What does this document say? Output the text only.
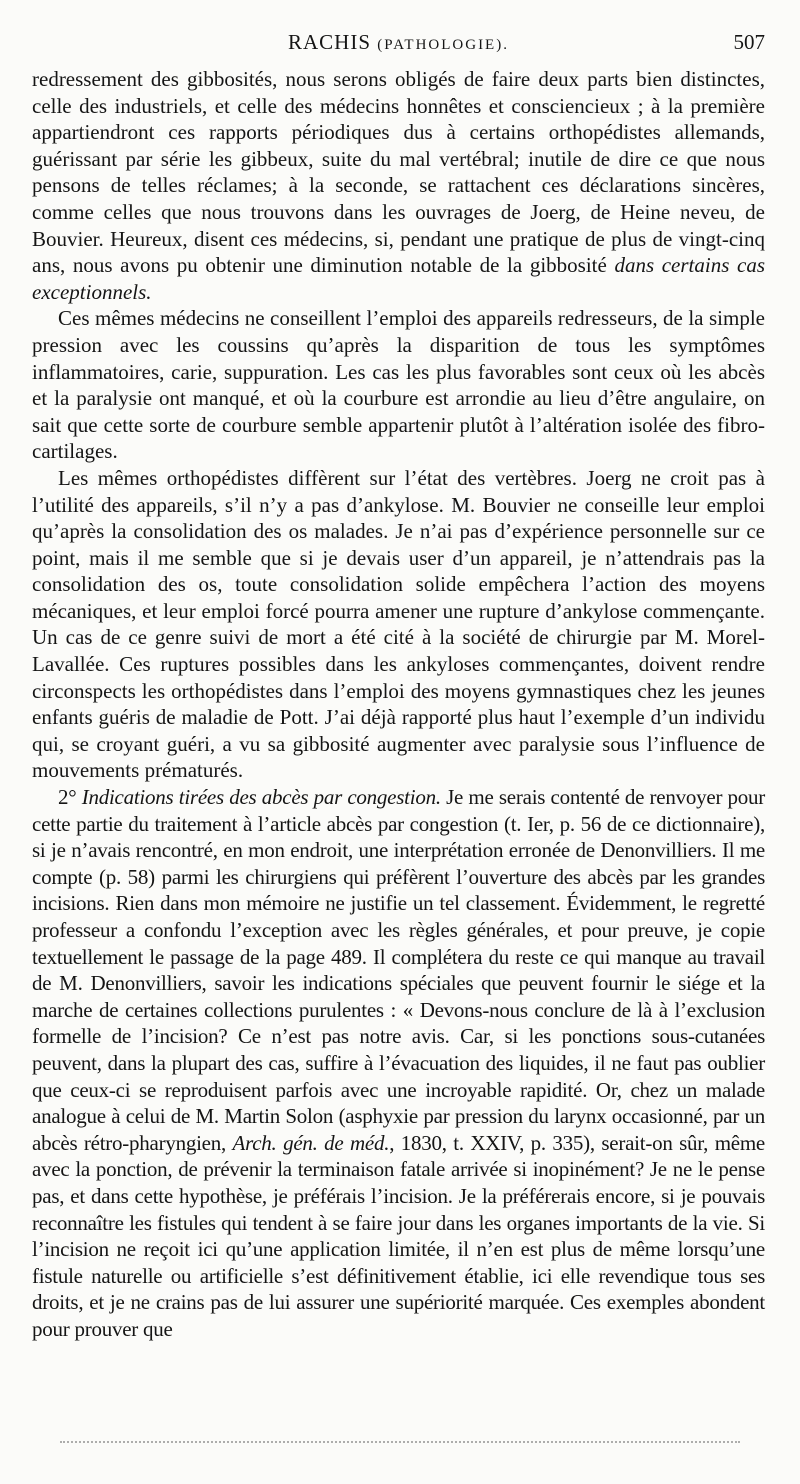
RACHIS (PATHOLOGIE).	507

redressement des gibbosités, nous serons obligés de faire deux parts bien distinctes, celle des industriels, et celle des médecins honnêtes et consciencieux ; à la première appartiendront ces rapports périodiques dus à certains orthopédistes allemands, guérissant par série les gibbeux, suite du mal vertébral; inutile de dire ce que nous pensons de telles réclames; à la seconde, se rattachent ces déclarations sincères, comme celles que nous trouvons dans les ouvrages de Joerg, de Heine neveu, de Bouvier. Heureux, disent ces médecins, si, pendant une pratique de plus de vingt-cinq ans, nous avons pu obtenir une diminution notable de la gibbosité dans certains cas exceptionnels.

Ces mêmes médecins ne conseillent l’emploi des appareils redresseurs, de la simple pression avec les coussins qu’après la disparition de tous les symptômes inflammatoires, carie, suppuration. Les cas les plus favorables sont ceux où les abcès et la paralysie ont manqué, et où la courbure est arrondie au lieu d’être angulaire, on sait que cette sorte de courbure semble appartenir plutôt à l’altération isolée des fibro-cartilages.

Les mêmes orthopédistes diffèrent sur l’état des vertèbres. Joerg ne croit pas à l’utilité des appareils, s’il n’y a pas d’ankylose. M. Bouvier ne conseille leur emploi qu’après la consolidation des os malades. Je n’ai pas d’expérience personnelle sur ce point, mais il me semble que si je devais user d’un appareil, je n’attendrais pas la consolidation des os, toute consolidation solide empêchera l’action des moyens mécaniques, et leur emploi forcé pourra amener une rupture d’ankylose commençante. Un cas de ce genre suivi de mort a été cité à la société de chirurgie par M. Morel-Lavallée. Ces ruptures possibles dans les ankyloses commençantes, doivent rendre circonspects les orthopédistes dans l’emploi des moyens gymnastiques chez les jeunes enfants guéris de maladie de Pott. J’ai déjà rapporté plus haut l’exemple d’un individu qui, se croyant guéri, a vu sa gibbosité augmenter avec paralysie sous l’influence de mouvements prématurés.

2° Indications tirées des abcès par congestion. Je me serais contenté de renvoyer pour cette partie du traitement à l’article abcès par congestion (t. Ier, p. 56 de ce dictionnaire), si je n’avais rencontré, en mon endroit, une interprétation erronée de Denonvilliers. Il me compte (p. 58) parmi les chirurgiens qui préfèrent l’ouverture des abcès par les grandes incisions. Rien dans mon mémoire ne justifie un tel classement. Évidemment, le regretté professeur a confondu l’exception avec les règles générales, et pour preuve, je copie textuellement le passage de la page 489. Il complétera du reste ce qui manque au travail de M. Denonvilliers, savoir les indications spéciales que peuvent fournir le siége et la marche de certaines collections purulentes : « Devons-nous conclure de là à l’exclusion formelle de l’incision? Ce n’est pas notre avis. Car, si les ponctions sous-cutanées peuvent, dans la plupart des cas, suffire à l’évacuation des liquides, il ne faut pas oublier que ceux-ci se reproduisent parfois avec une incroyable rapidité. Or, chez un malade analogue à celui de M. Martin Solon (asphyxie par pression du larynx occasionné, par un abcès rétro-pharyngien, Arch. gén. de méd., 1830, t. XXIV, p. 335), serait-on sûr, même avec la ponction, de prévenir la terminaison fatale arrivée si inopinément? Je ne le pense pas, et dans cette hypothèse, je préférais l’incision. Je la préférerais encore, si je pouvais reconnaître les fistules qui tendent à se faire jour dans les organes importants de la vie. Si l’incision ne reçoit ici qu’une application limitée, il n’en est plus de même lorsqu’une fistule naturelle ou artificielle s’est définitivement établie, ici elle revendique tous ses droits, et je ne crains pas de lui assurer une supériorité marquée. Ces exemples abondent pour prouver que
